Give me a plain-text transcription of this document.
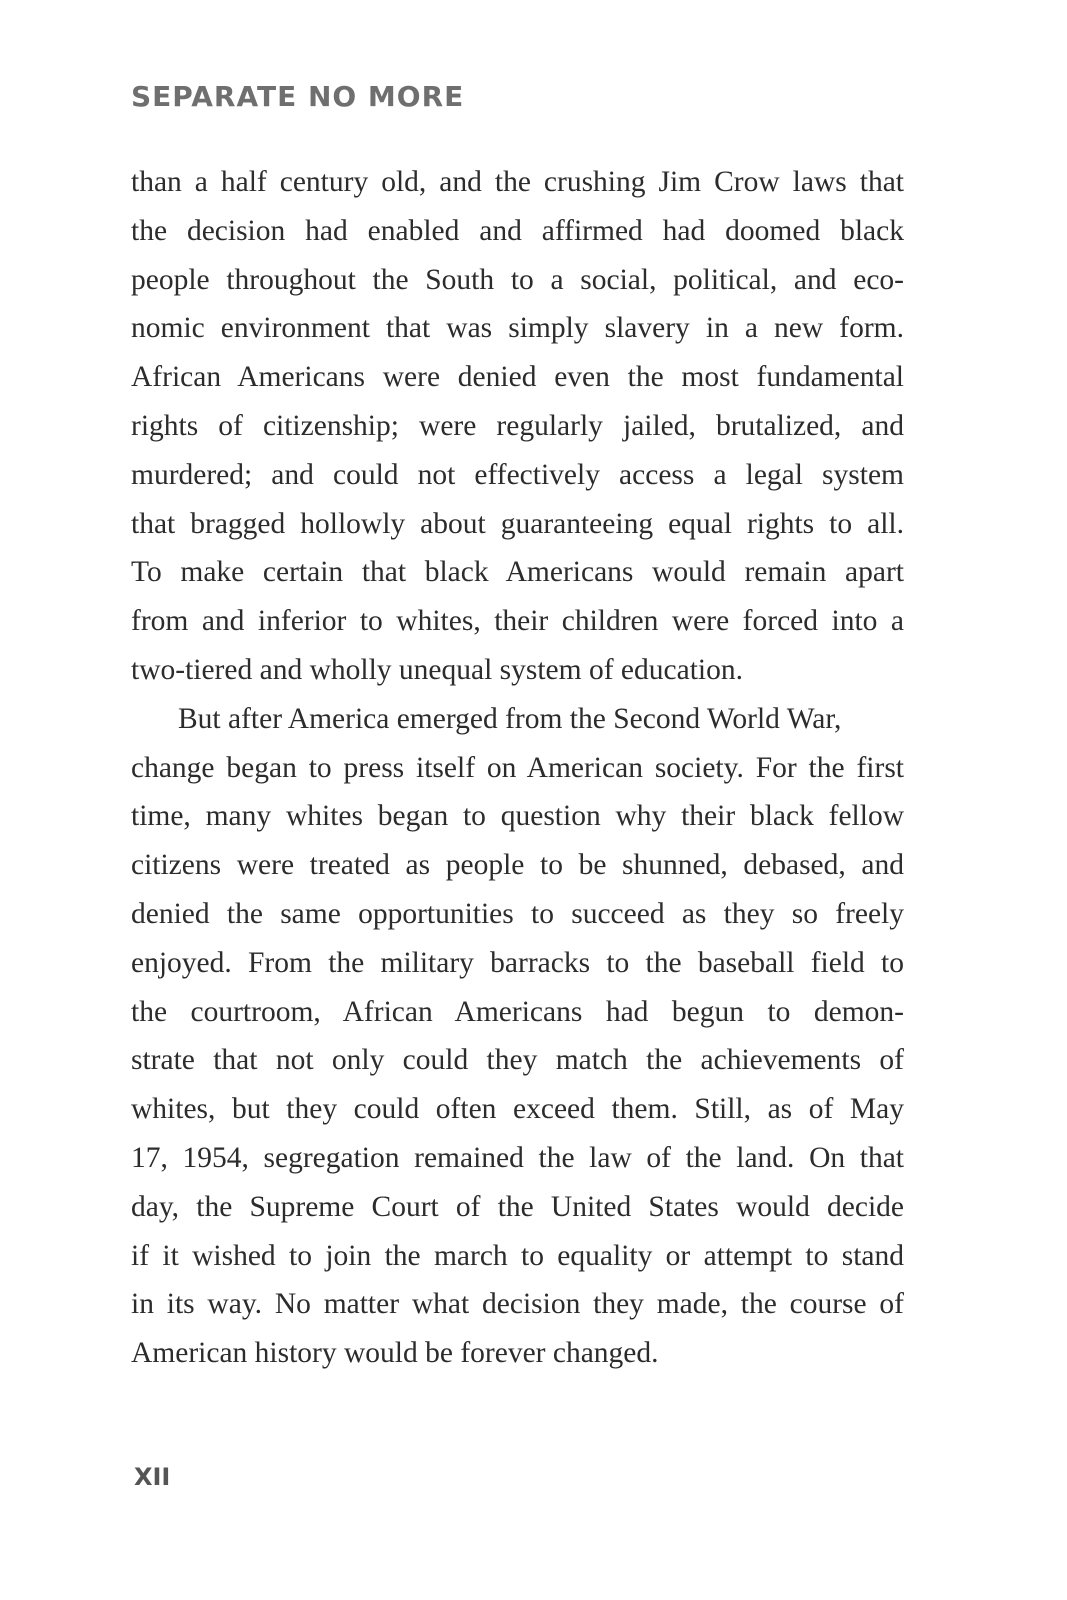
SEPARATE NO MORE
than a half century old, and the crushing Jim Crow laws that
the decision had enabled and affirmed had doomed black
people throughout the South to a social, political, and eco-
nomic environment that was simply slavery in a new form.
African Americans were denied even the most fundamental
rights of citizenship; were regularly jailed, brutalized, and
murdered; and could not effectively access a legal system
that bragged hollowly about guaranteeing equal rights to all.
To make certain that black Americans would remain apart
from and inferior to whites, their children were forced into a
two-tiered and wholly unequal system of education.
But after America emerged from the Second World War,
change began to press itself on American society. For the first
time, many whites began to question why their black fellow
citizens were treated as people to be shunned, debased, and
denied the same opportunities to succeed as they so freely
enjoyed. From the military barracks to the baseball field to
the courtroom, African Americans had begun to demon-
strate that not only could they match the achievements of
whites, but they could often exceed them. Still, as of May
17, 1954, segregation remained the law of the land. On that
day, the Supreme Court of the United States would decide
if it wished to join the march to equality or attempt to stand
in its way. No matter what decision they made, the course of
American history would be forever changed.
XII
